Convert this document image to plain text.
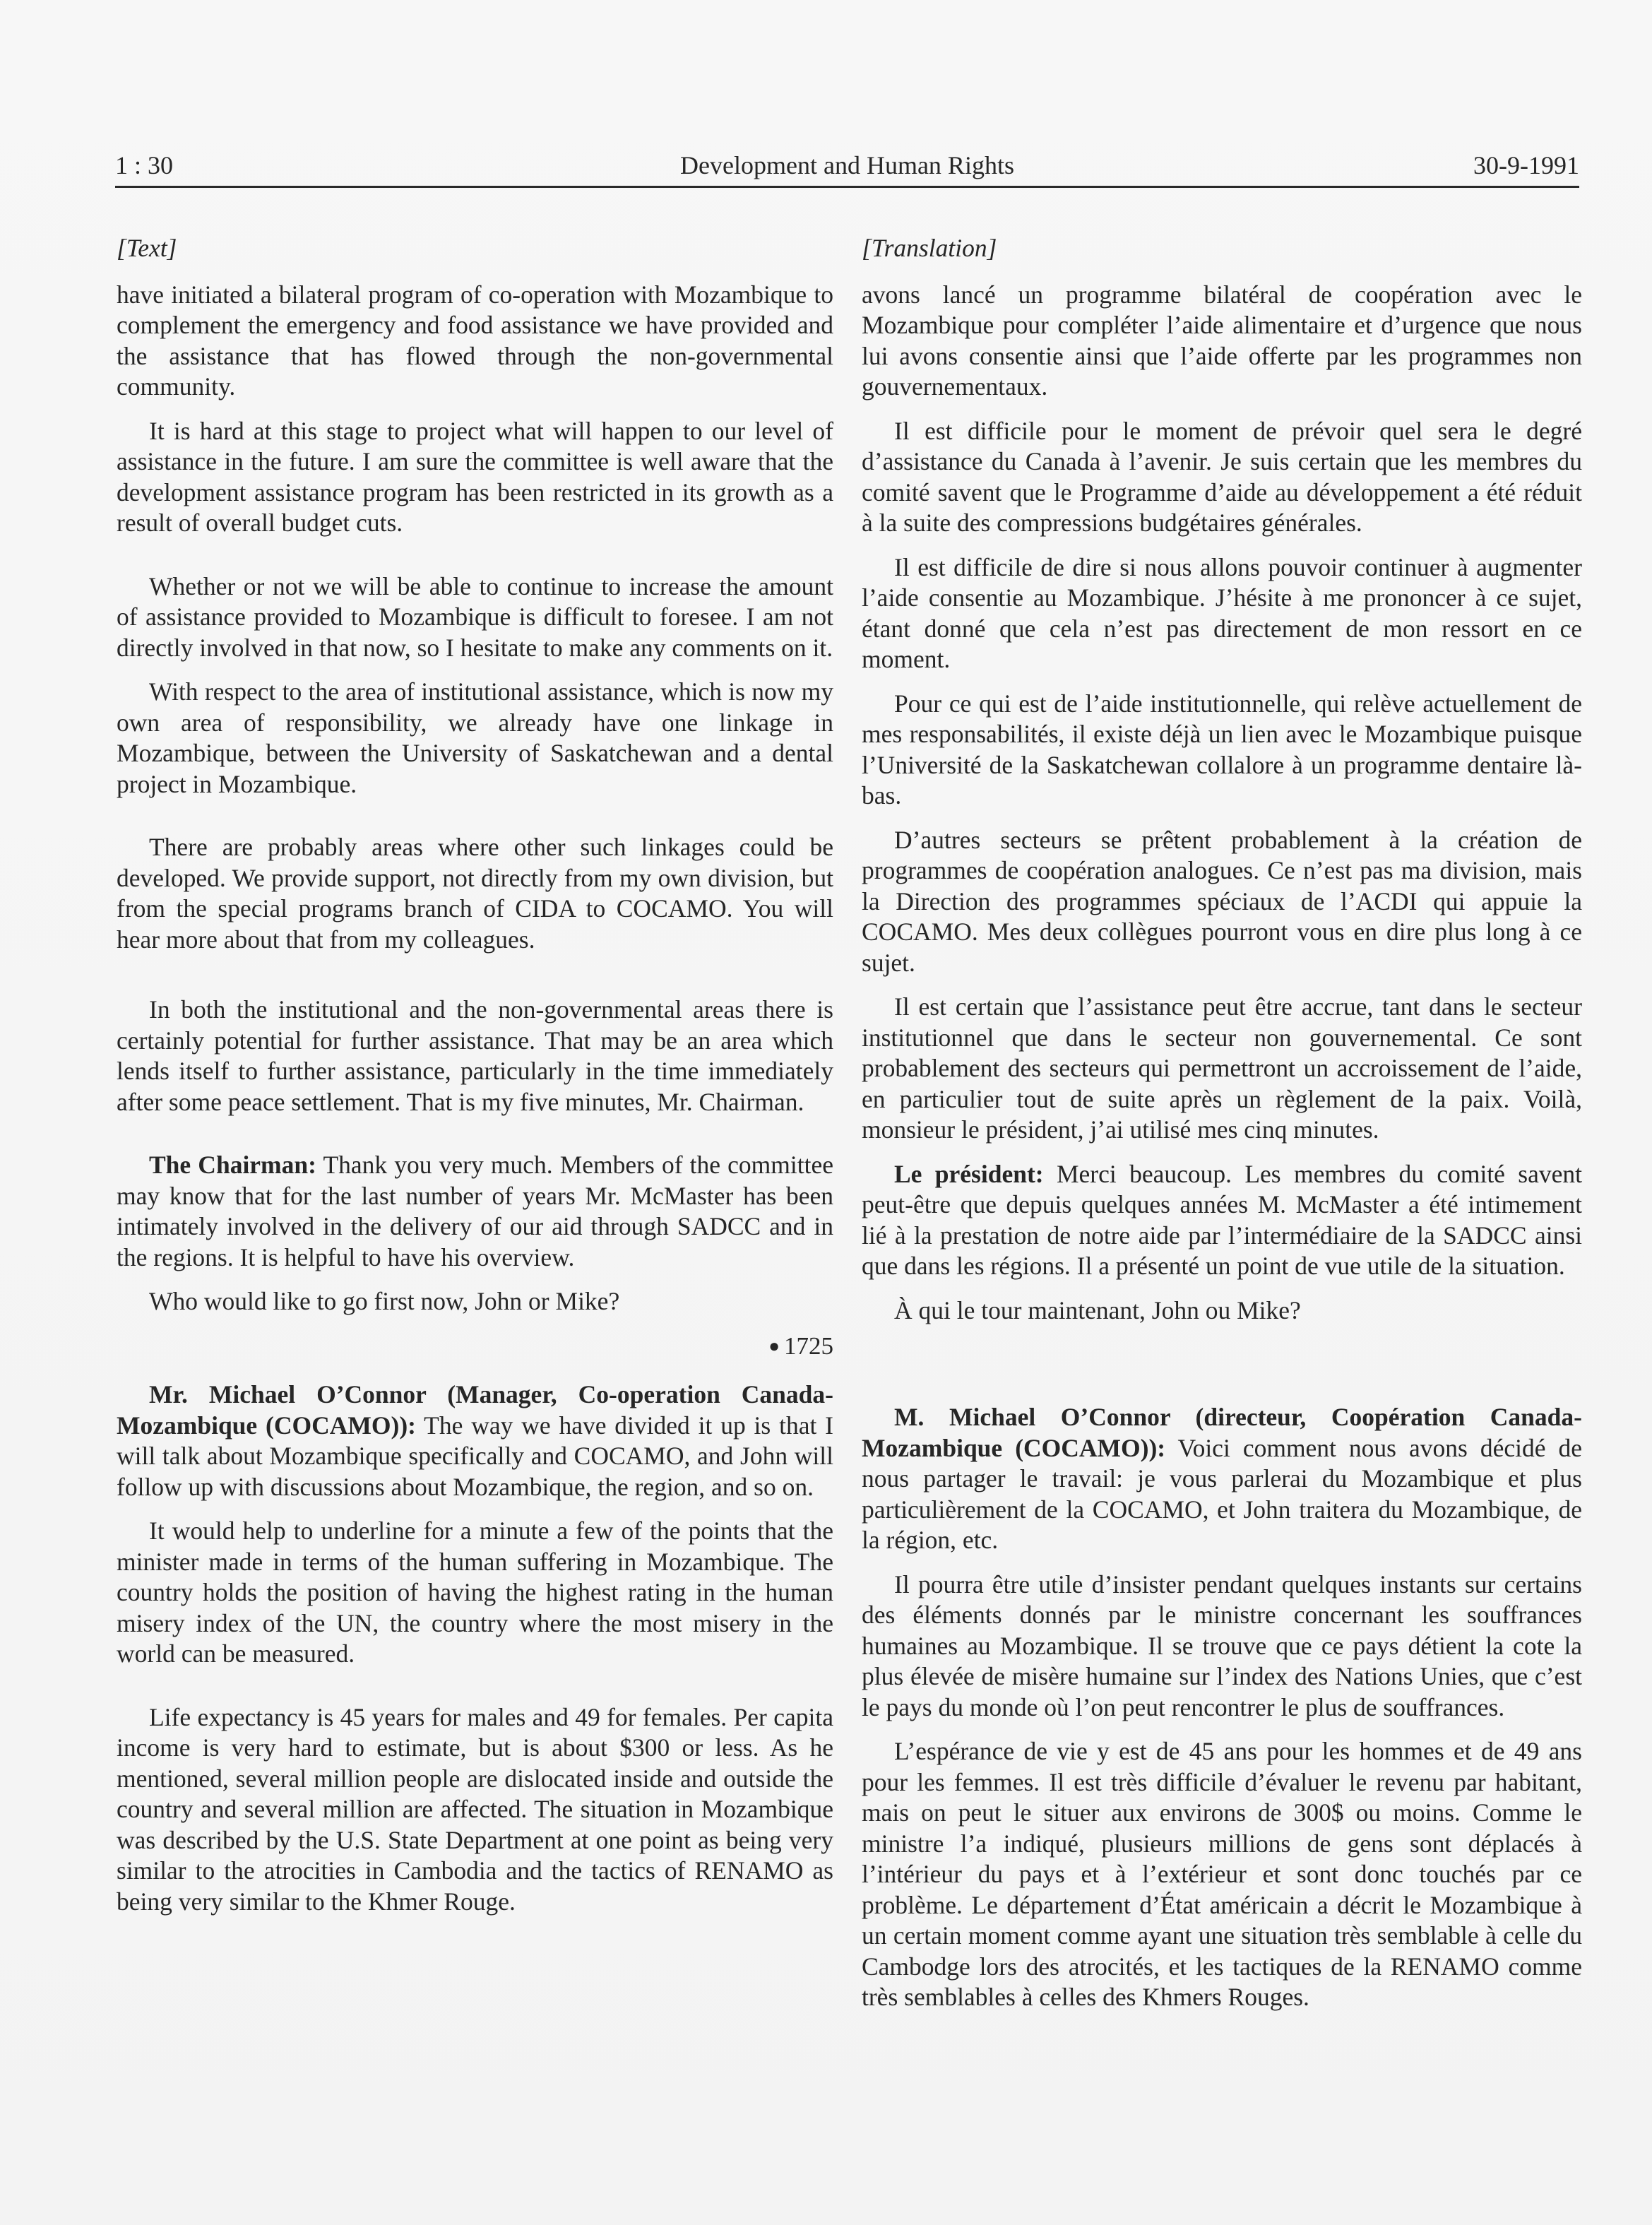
1 : 30	Development and Human Rights	30-9-1991
[Text]

have initiated a bilateral program of co-operation with Mozambique to complement the emergency and food assistance we have provided and the assistance that has flowed through the non-governmental community.

It is hard at this stage to project what will happen to our level of assistance in the future. I am sure the committee is well aware that the development assistance program has been restricted in its growth as a result of overall budget cuts.

Whether or not we will be able to continue to increase the amount of assistance provided to Mozambique is difficult to foresee. I am not directly involved in that now, so I hesitate to make any comments on it.

With respect to the area of institutional assistance, which is now my own area of responsibility, we already have one linkage in Mozambique, between the University of Saskatchewan and a dental project in Mozambique.

There are probably areas where other such linkages could be developed. We provide support, not directly from my own division, but from the special programs branch of CIDA to COCAMO. You will hear more about that from my colleagues.

In both the institutional and the non-governmental areas there is certainly potential for further assistance. That may be an area which lends itself to further assistance, particularly in the time immediately after some peace settlement. That is my five minutes, Mr. Chairman.

The Chairman: Thank you very much. Members of the committee may know that for the last number of years Mr. McMaster has been intimately involved in the delivery of our aid through SADCC and in the regions. It is helpful to have his overview.

Who would like to go first now, John or Mike?

● 1725

Mr. Michael O’Connor (Manager, Co-operation Canada-Mozambique (COCAMO)): The way we have divided it up is that I will talk about Mozambique specifically and COCAMO, and John will follow up with discussions about Mozambique, the region, and so on.

It would help to underline for a minute a few of the points that the minister made in terms of the human suffering in Mozambique. The country holds the position of having the highest rating in the human misery index of the UN, the country where the most misery in the world can be measured.

Life expectancy is 45 years for males and 49 for females. Per capita income is very hard to estimate, but is about $300 or less. As he mentioned, several million people are dislocated inside and outside the country and several million are affected. The situation in Mozambique was described by the U.S. State Department at one point as being very similar to the atrocities in Cambodia and the tactics of RENAMO as being very similar to the Khmer Rouge.

[Translation]

avons lancé un programme bilatéral de coopération avec le Mozambique pour compléter l’aide alimentaire et d’urgence que nous lui avons consentie ainsi que l’aide offerte par les programmes non gouvernementaux.

Il est difficile pour le moment de prévoir quel sera le degré d’assistance du Canada à l’avenir. Je suis certain que les membres du comité savent que le Programme d’aide au développement a été réduit à la suite des compressions budgétaires générales.

Il est difficile de dire si nous allons pouvoir continuer à augmenter l’aide consentie au Mozambique. J’hésite à me prononcer à ce sujet, étant donné que cela n’est pas directement de mon ressort en ce moment.

Pour ce qui est de l’aide institutionnelle, qui relève actuellement de mes responsabilités, il existe déjà un lien avec le Mozambique puisque l’Université de la Saskatchewan collalore à un programme dentaire là-bas.

D’autres secteurs se prêtent probablement à la création de programmes de coopération analogues. Ce n’est pas ma division, mais la Direction des programmes spéciaux de l’ACDI qui appuie la COCAMO. Mes deux collègues pourront vous en dire plus long à ce sujet.

Il est certain que l’assistance peut être accrue, tant dans le secteur institutionnel que dans le secteur non gouvernemental. Ce sont probablement des secteurs qui permettront un accroissement de l’aide, en particulier tout de suite après un règlement de la paix. Voilà, monsieur le président, j’ai utilisé mes cinq minutes.

Le président: Merci beaucoup. Les membres du comité savent peut-être que depuis quelques années M. McMaster a été intimement lié à la prestation de notre aide par l’intermédiaire de la SADCC ainsi que dans les régions. Il a présenté un point de vue utile de la situation.

À qui le tour maintenant, John ou Mike?

M. Michael O’Connor (directeur, Coopération Canada-Mozambique (COCAMO)): Voici comment nous avons décidé de nous partager le travail: je vous parlerai du Mozambique et plus particulièrement de la COCAMO, et John traitera du Mozambique, de la région, etc.

Il pourra être utile d’insister pendant quelques instants sur certains des éléments donnés par le ministre concernant les souffrances humaines au Mozambique. Il se trouve que ce pays détient la cote la plus élevée de misère humaine sur l’index des Nations Unies, que c’est le pays du monde où l’on peut rencontrer le plus de souffrances.

L’espérance de vie y est de 45 ans pour les hommes et de 49 ans pour les femmes. Il est très difficile d’évaluer le revenu par habitant, mais on peut le situer aux environs de 300$ ou moins. Comme le ministre l’a indiqué, plusieurs millions de gens sont déplacés à l’intérieur du pays et à l’extérieur et sont donc touchés par ce problème. Le département d’État américain a décrit le Mozambique à un certain moment comme ayant une situation très semblable à celle du Cambodge lors des atrocités, et les tactiques de la RENAMO comme très semblables à celles des Khmers Rouges.
